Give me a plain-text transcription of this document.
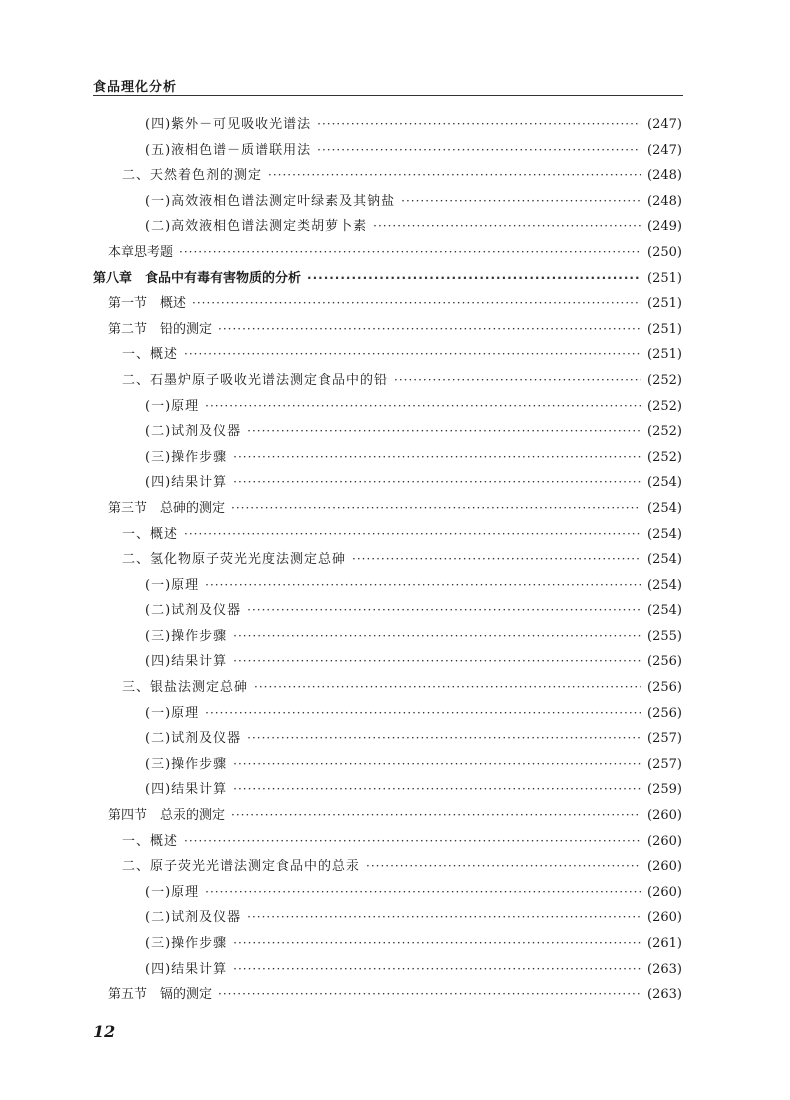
食品理化分析
(四)紫外－可见吸收光谱法 ·····	(247)
(五)液相色谱－质谱联用法 ·····	(247)
二、天然着色剂的测定 ·····	(248)
(一)高效液相色谱法测定叶绿素及其钠盐 ·····	(248)
(二)高效液相色谱法测定类胡萝卜素 ·····	(249)
本章思考题 ·····	(250)
第八章　食品中有毒有害物质的分析 ·····	(251)
第一节　概述 ·····	(251)
第二节　铅的测定 ·····	(251)
一、概述 ·····	(251)
二、石墨炉原子吸收光谱法测定食品中的铅 ·····	(252)
(一)原理 ·····	(252)
(二)试剂及仪器 ·····	(252)
(三)操作步骤 ·····	(252)
(四)结果计算 ·····	(254)
第三节　总砷的测定 ·····	(254)
一、概述 ·····	(254)
二、氢化物原子荧光光度法测定总砷 ·····	(254)
(一)原理 ·····	(254)
(二)试剂及仪器 ·····	(254)
(三)操作步骤 ·····	(255)
(四)结果计算 ·····	(256)
三、银盐法测定总砷 ·····	(256)
(一)原理 ·····	(256)
(二)试剂及仪器 ·····	(257)
(三)操作步骤 ·····	(257)
(四)结果计算 ·····	(259)
第四节　总汞的测定 ·····	(260)
一、概述 ·····	(260)
二、原子荧光光谱法测定食品中的总汞 ·····	(260)
(一)原理 ·····	(260)
(二)试剂及仪器 ·····	(260)
(三)操作步骤 ·····	(261)
(四)结果计算 ·····	(263)
第五节　镉的测定 ·····	(263)
12
